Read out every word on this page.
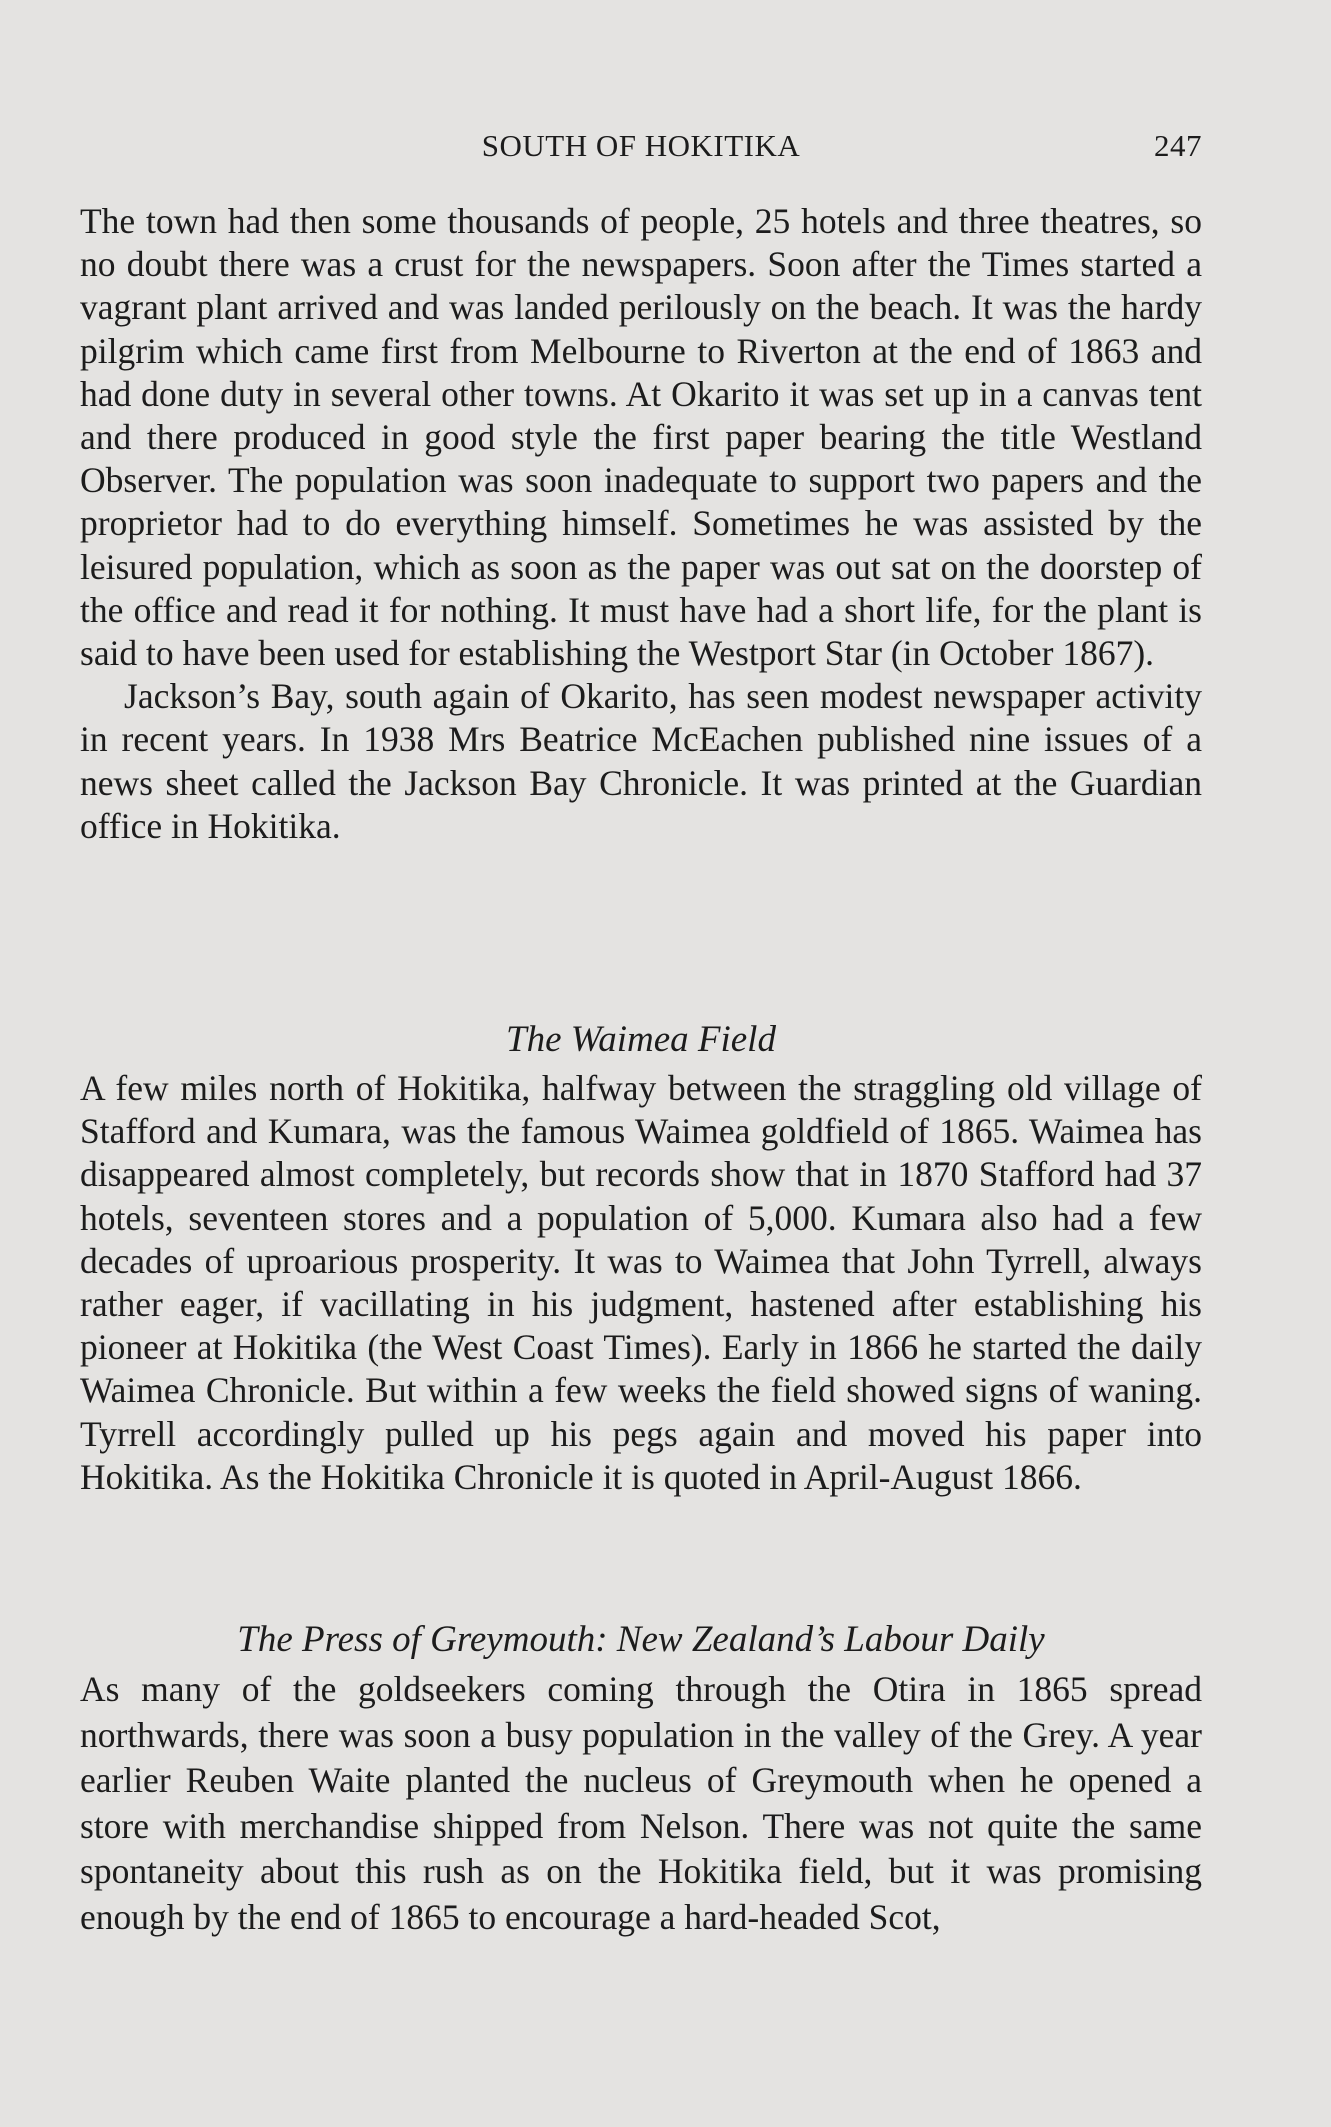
SOUTH OF HOKITIKA	247

The town had then some thousands of people, 25 hotels and three theatres, so no doubt there was a crust for the newspapers. Soon after the Times started a vagrant plant arrived and was landed perilously on the beach. It was the hardy pilgrim which came first from Melbourne to Riverton at the end of 1863 and had done duty in several other towns. At Okarito it was set up in a canvas tent and there produced in good style the first paper bearing the title Westland Observer. The population was soon inadequate to support two papers and the proprietor had to do everything himself. Sometimes he was assisted by the leisured population, which as soon as the paper was out sat on the doorstep of the office and read it for nothing. It must have had a short life, for the plant is said to have been used for establishing the Westport Star (in October 1867).

Jackson’s Bay, south again of Okarito, has seen modest newspaper activity in recent years. In 1938 Mrs Beatrice McEachen published nine issues of a news sheet called the Jackson Bay Chronicle. It was printed at the Guardian office in Hokitika.

The Waimea Field

A few miles north of Hokitika, halfway between the straggling old village of Stafford and Kumara, was the famous Waimea goldfield of 1865. Waimea has disappeared almost completely, but records show that in 1870 Stafford had 37 hotels, seventeen stores and a population of 5,000. Kumara also had a few decades of uproarious prosperity. It was to Waimea that John Tyrrell, always rather eager, if vacillating in his judgment, hastened after establishing his pioneer at Hokitika (the West Coast Times). Early in 1866 he started the daily Waimea Chronicle. But within a few weeks the field showed signs of waning. Tyrrell accordingly pulled up his pegs again and moved his paper into Hokitika. As the Hokitika Chronicle it is quoted in April-August 1866.

The Press of Greymouth: New Zealand’s Labour Daily

As many of the goldseekers coming through the Otira in 1865 spread northwards, there was soon a busy population in the valley of the Grey. A year earlier Reuben Waite planted the nucleus of Greymouth when he opened a store with merchandise shipped from Nelson. There was not quite the same spontaneity about this rush as on the Hokitika field, but it was promising enough by the end of 1865 to encourage a hard-headed Scot,
